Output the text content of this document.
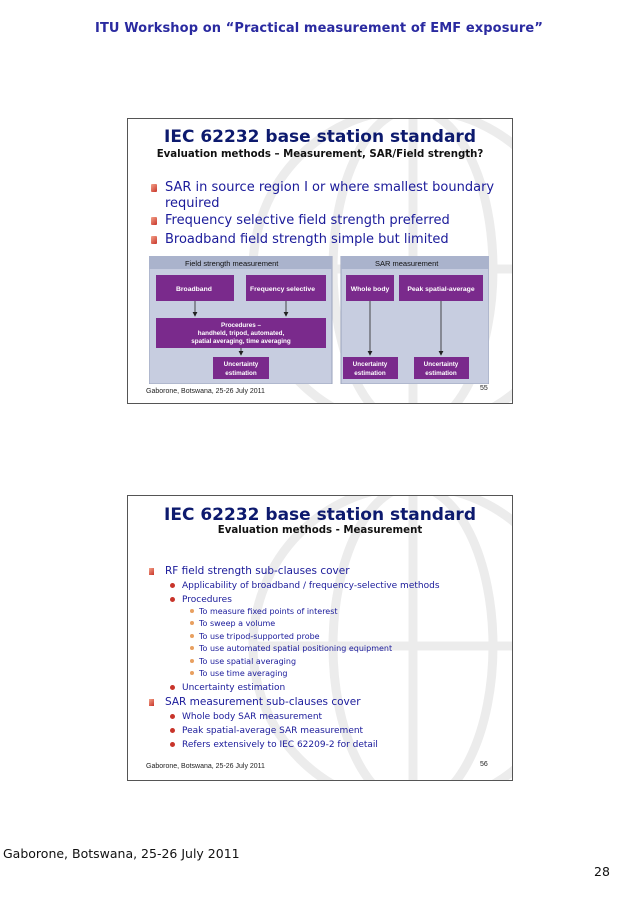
ITU Workshop on “Practical measurement of EMF exposure”
IEC 62232 base station standard
Evaluation methods – Measurement, SAR/Field strength?
SAR in source region I or where smallest boundary required
Frequency selective field strength preferred
Broadband field strength simple but limited
Field strength measurement	SAR measurement
Broadband	Frequency selective
Procedures –
handheld, tripod, automated,
spatial averaging, time averaging
Uncertainty
estimation
Whole body	Peak spatial-average
Uncertainty
estimation
Uncertainty
estimation
Gaborone, Botswana, 25-26 July 2011	55
IEC 62232 base station standard
Evaluation methods - Measurement
RF field strength sub-clauses cover
Applicability of broadband / frequency-selective methods
Procedures
To measure fixed points of interest
To sweep a volume
To use tripod-supported probe
To use automated spatial positioning equipment
To use spatial averaging
To use time averaging
Uncertainty estimation
SAR measurement sub-clauses cover
Whole body SAR measurement
Peak spatial-average SAR measurement
Refers extensively to IEC 62209-2 for detail
Gaborone, Botswana, 25-26 July 2011	56
Gaborone, Botswana, 25-26 July 2011
28
